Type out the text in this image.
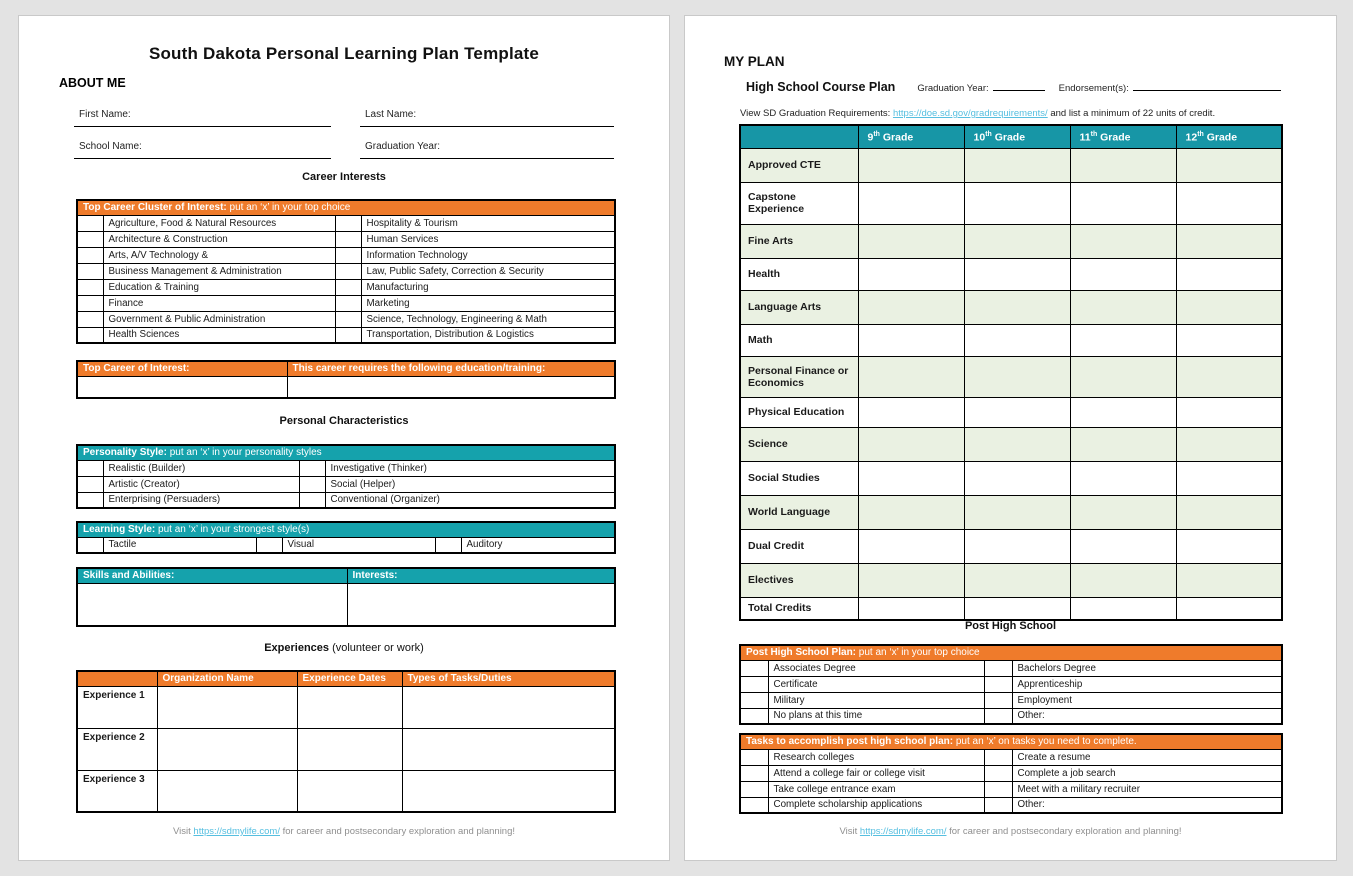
South Dakota Personal Learning Plan Template
ABOUT ME
First Name:	Last Name:
School Name:	Graduation Year:
Career Interests
Top Career Cluster of Interest: put an ‘x’ in your top choice			
	Agriculture, Food & Natural Resources		Hospitality & Tourism
	Architecture & Construction		Human Services
	Arts, A/V Technology &		Information Technology
	Business Management & Administration		Law, Public Safety, Correction & Security
	Education & Training		Manufacturing
	Finance		Marketing
	Government & Public Administration		Science, Technology, Engineering & Math
	Health Sciences		Transportation, Distribution & Logistics
Top Career of Interest:	This career requires the following education/training:

Personal Characteristics
Personality Style: put an ‘x’ in your personality styles			
	Realistic (Builder)		Investigative (Thinker)
	Artistic (Creator)		Social (Helper)
	Enterprising (Persuaders)		Conventional (Organizer)
Learning Style: put an ‘x’ in your strongest style(s)
	Tactile		Visual		Auditory
Skills and Abilities:	Interests:

Experiences (volunteer or work)
	Organization Name	Experience Dates	Types of Tasks/Duties
Experience 1			
Experience 2			
Experience 3			
Visit https://sdmylife.com/ for career and postsecondary exploration and planning!
MY PLAN
High School Course Plan Graduation Year:	Endorsement(s):
View SD Graduation Requirements: https://doe.sd.gov/gradrequirements/ and list a minimum of 22 units of credit.
	9th Grade	10th Grade	11th Grade	12th Grade
Approved CTE				
Capstone Experience				
Fine Arts				
Health				
Language Arts				
Math				
Personal Finance or Economics				
Physical Education				
Science				
Social Studies				
World Language				
Dual Credit				
Electives				
Total Credits				
Post High School
Post High School Plan: put an ‘x’ in your top choice			
	Associates Degree		Bachelors Degree
	Certificate		Apprenticeship
	Military		Employment
	No plans at this time		Other:
Tasks to accomplish post high school plan: put an ‘x’ on tasks you need to complete.			
	Research colleges		Create a resume
	Attend a college fair or college visit		Complete a job search
	Take college entrance exam		Meet with a military recruiter
	Complete scholarship applications		Other:
Visit https://sdmylife.com/ for career and postsecondary exploration and planning!
